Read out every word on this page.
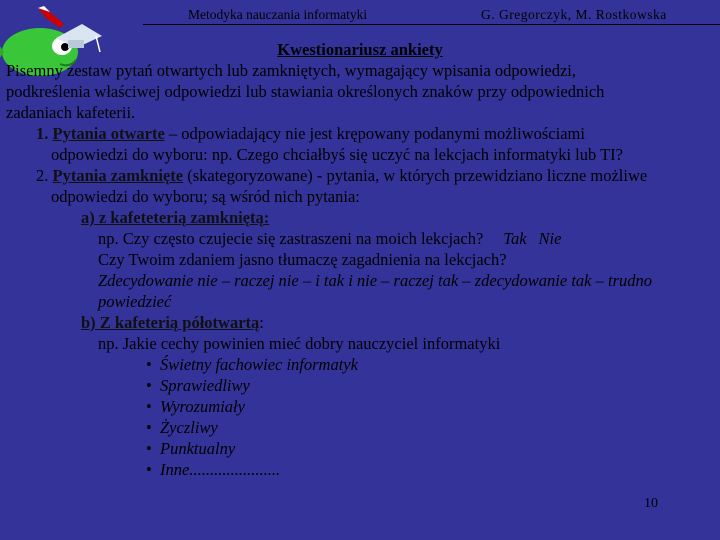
Metodyka nauczania informatyki	G. Gregorczyk, M. Rostkowska
Kwestionariusz ankiety
Pisemny zestaw pytań otwartych lub zamkniętych, wymagający wpisania odpowiedzi,
podkreślenia właściwej odpowiedzi lub stawiania określonych znaków przy odpowiednich
zadaniach kafeterii.
1. Pytania otwarte – odpowiadający nie jest krępowany podanymi możliwościami
odpowiedzi do wyboru: np. Czego chciałbyś się uczyć na lekcjach informatyki lub TI?
2. Pytania zamknięte (skategoryzowane) - pytania, w których przewidziano liczne możliwe
odpowiedzi do wyboru; są wśród nich pytania:
a) z kafeteterią zamkniętą:
np. Czy często czujecie się zastraszeni na moich lekcjach? Tak Nie
Czy Twoim zdaniem jasno tłumaczę zagadnienia na lekcjach?
Zdecydowanie nie – raczej nie – i tak i nie – raczej tak – zdecydowanie tak – trudno
powiedzieć
b) Z kafeterią półotwartą:
np. Jakie cechy powinien mieć dobry nauczyciel informatyki
• Świetny fachowiec informatyk
• Sprawiedliwy
• Wyrozumiały
• Życzliwy
• Punktualny
• Inne......................
10
